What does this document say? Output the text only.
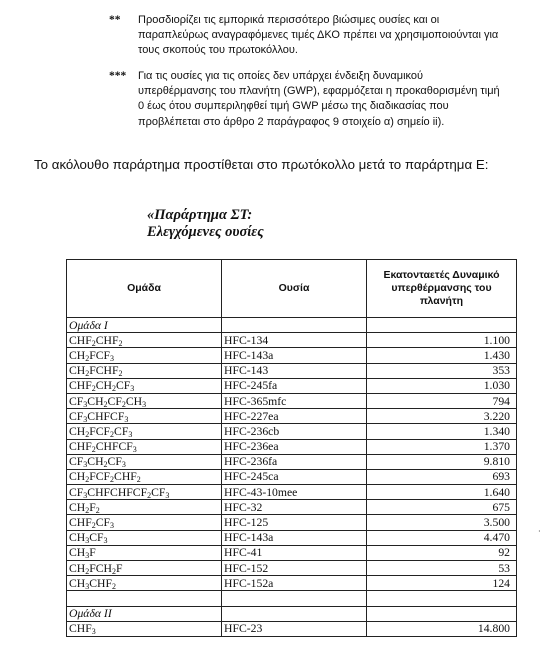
** Προσδιορίζει τις εμπορικά περισσότερο βιώσιμες ουσίες και οι παραπλεύρως αναγραφόμενες τιμές ΔΚΟ πρέπει να χρησιμοποιούνται για τους σκοπούς του πρωτοκόλλου.
*** Για τις ουσίες για τις οποίες δεν υπάρχει ένδειξη δυναμικού υπερθέρμανσης του πλανήτη (GWP), εφαρμόζεται η προκαθορισμένη τιμή 0 έως ότου συμπεριληφθεί τιμή GWP μέσω της διαδικασίας που προβλέπεται στο άρθρο 2 παράγραφος 9 στοιχείο α) σημείο ii).
Το ακόλουθο παράρτημα προστίθεται στο πρωτόκολλο μετά το παράρτημα Ε:
«Παράρτημα ΣΤ:
Ελεγχόμενες ουσίες
Ομάδα	Ουσία	Εκατονταετές Δυναμικό υπερθέρμανσης του πλανήτη
Ομάδα I		
$CHF_2CHF_2$	HFC-134	1.100
$CH_2FCF_3$	HFC-143a	1.430
$CH_2FCHF_2$	HFC-143	353
$CHF_2CH_2CF_3$	HFC-245fa	1.030
$CF_3CH_2CF_2CH_3$	HFC-365mfc	794
$CF_3CHFCF_3$	HFC-227ea	3.220
$CH_2FCF_2CF_3$	HFC-236cb	1.340
$CHF_2CHFCF_3$	HFC-236ea	1.370
$CF_3CH_2CF_3$	HFC-236fa	9.810
$CH_2FCF_2CHF_2$	HFC-245ca	693
$CF_3CHFCHFCF_2CF_3$	HFC-43-10mee	1.640
$CH_2F_2$	HFC-32	675
$CHF_2CF_3$	HFC-125	3.500
$CH_3CF_3$	HFC-143a	4.470
$CH_3F$	HFC-41	92
$CH_2FCH_2F$	HFC-152	53
$CH_3CHF_2$	HFC-152a	124

Ομάδα II		
$CHF_3$	HFC-23	14.800
·
